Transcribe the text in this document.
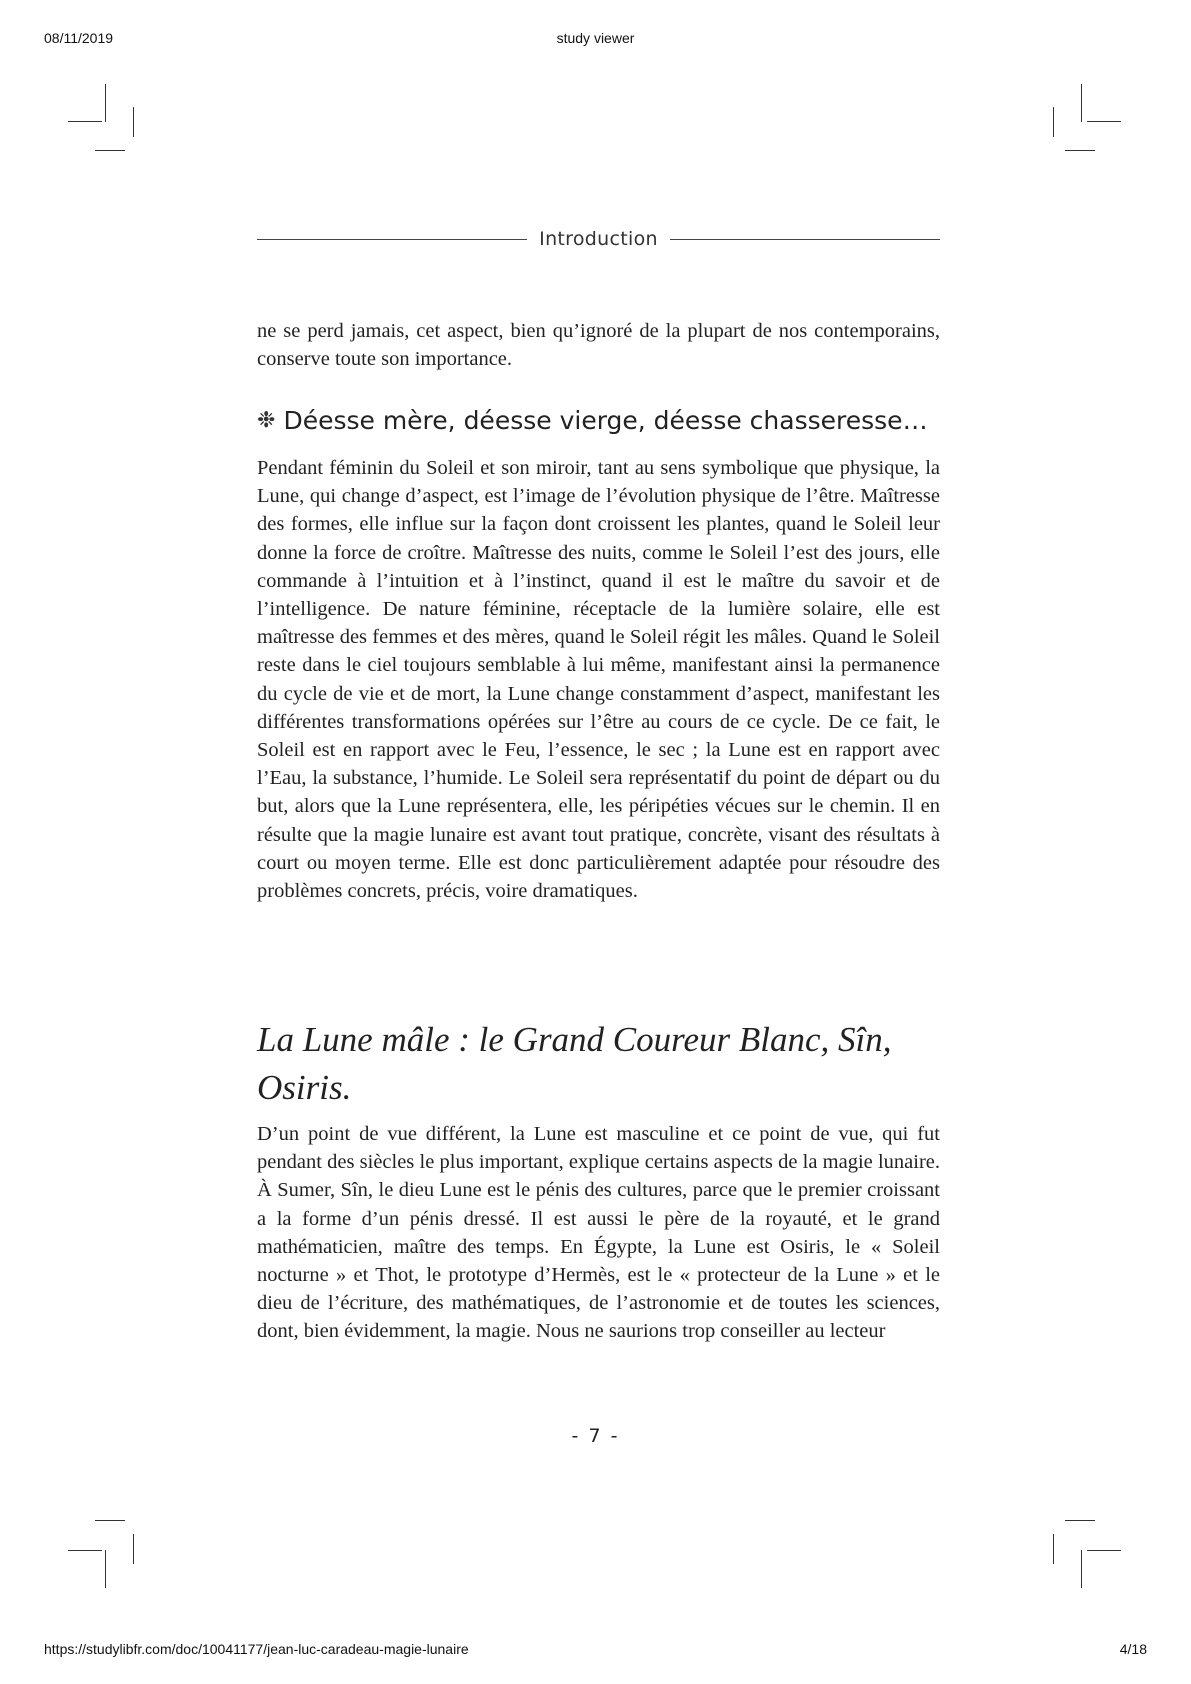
08/11/2019	study viewer
Introduction

ne se perd jamais, cet aspect, bien qu’ignoré de la plupart de nos contemporains, conserve toute son importance.

❉ Déesse mère, déesse vierge, déesse chasseresse…

Pendant féminin du Soleil et son miroir, tant au sens symbolique que physique, la Lune, qui change d’aspect, est l’image de l’évolution physique de l’être. Maîtresse des formes, elle influe sur la façon dont croissent les plantes, quand le Soleil leur donne la force de croître. Maîtresse des nuits, comme le Soleil l’est des jours, elle commande à l’intuition et à l’instinct, quand il est le maître du savoir et de l’intelligence. De nature féminine, réceptacle de la lumière solaire, elle est maîtresse des femmes et des mères, quand le Soleil régit les mâles. Quand le Soleil reste dans le ciel toujours semblable à lui même, manifestant ainsi la permanence du cycle de vie et de mort, la Lune change constamment d’aspect, manifestant les différentes transformations opérées sur l’être au cours de ce cycle. De ce fait, le Soleil est en rapport avec le Feu, l’essence, le sec ; la Lune est en rapport avec l’Eau, la substance, l’humide. Le Soleil sera représentatif du point de départ ou du but, alors que la Lune représentera, elle, les péripéties vécues sur le chemin. Il en résulte que la magie lunaire est avant tout pratique, concrète, visant des résultats à court ou moyen terme. Elle est donc particulièrement adaptée pour résoudre des problèmes concrets, précis, voire dramatiques.

La Lune mâle : le Grand Coureur Blanc, Sîn, Osiris.

D’un point de vue différent, la Lune est masculine et ce point de vue, qui fut pendant des siècles le plus important, explique certains aspects de la magie lunaire. À Sumer, Sîn, le dieu Lune est le pénis des cultures, parce que le premier croissant a la forme d’un pénis dressé. Il est aussi le père de la royauté, et le grand mathématicien, maître des temps. En Égypte, la Lune est Osiris, le « Soleil nocturne » et Thot, le prototype d’Hermès, est le « protecteur de la Lune » et le dieu de l’écriture, des mathématiques, de l’astronomie et de toutes les sciences, dont, bien évidemment, la magie. Nous ne saurions trop conseiller au lecteur

- 7 -
https://studylibfr.com/doc/10041177/jean-luc-caradeau-magie-lunaire	4/18
